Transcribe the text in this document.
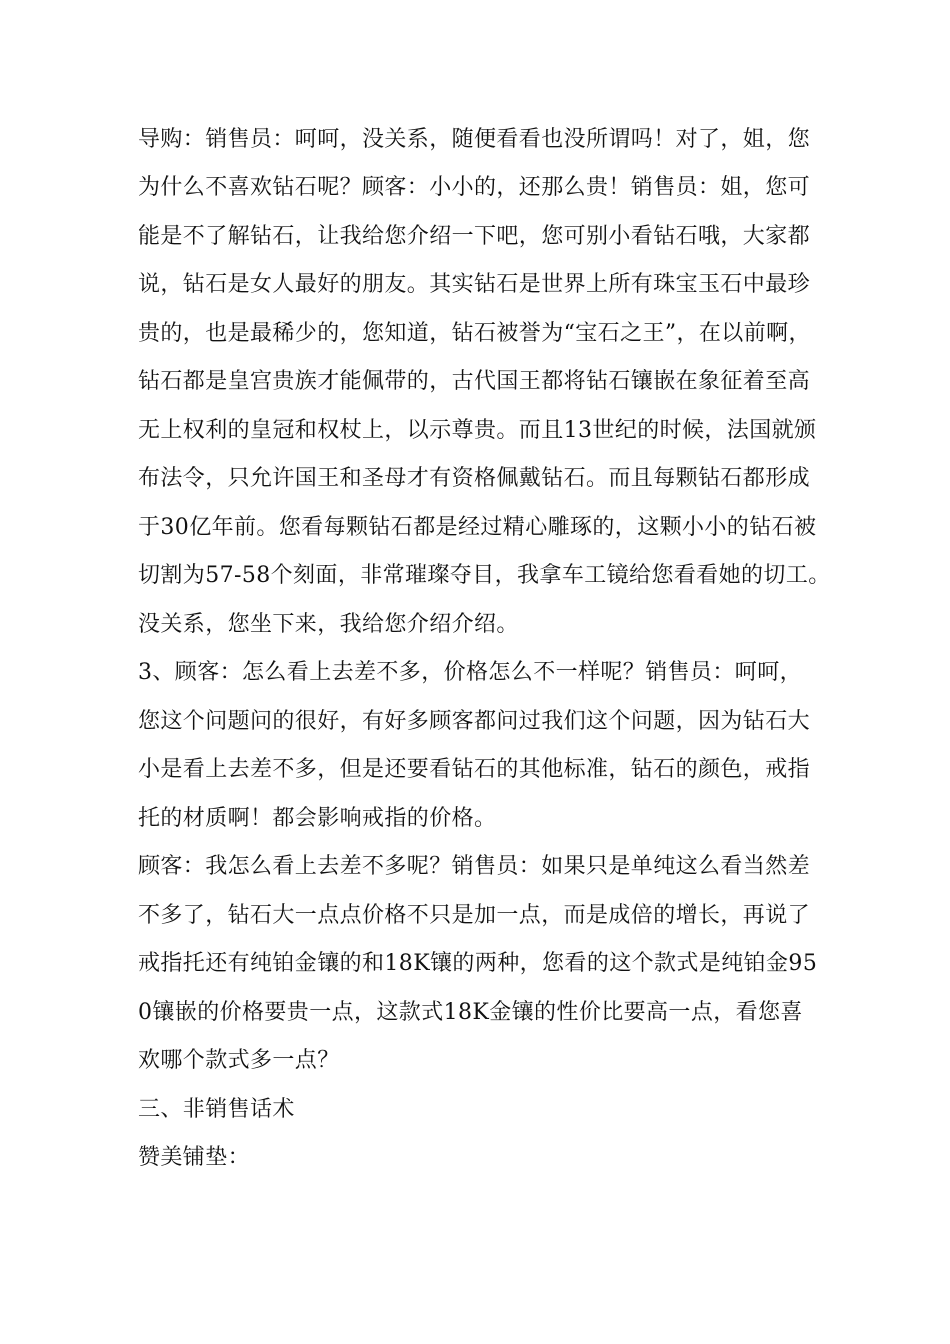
导购：销售员：呵呵，没关系，随便看看也没所谓吗！对了，姐，您
为什么不喜欢钻石呢？顾客：小小的，还那么贵！销售员：姐，您可
能是不了解钻石，让我给您介绍一下吧，您可别小看钻石哦，大家都
说，钻石是女人最好的朋友。其实钻石是世界上所有珠宝玉石中最珍
贵的，也是最稀少的，您知道，钻石被誉为“宝石之王”，在以前啊，
钻石都是皇宫贵族才能佩带的，古代国王都将钻石镶嵌在象征着至高
无上权利的皇冠和权杖上，以示尊贵。而且13世纪的时候，法国就颁
布法令，只允许国王和圣母才有资格佩戴钻石。而且每颗钻石都形成
于30亿年前。您看每颗钻石都是经过精心雕琢的，这颗小小的钻石被
切割为57-58个刻面，非常璀璨夺目，我拿车工镜给您看看她的切工。
没关系，您坐下来，我给您介绍介绍。
3、顾客：怎么看上去差不多，价格怎么不一样呢？销售员：呵呵，
您这个问题问的很好，有好多顾客都问过我们这个问题，因为钻石大
小是看上去差不多，但是还要看钻石的其他标准，钻石的颜色，戒指
托的材质啊！都会影响戒指的价格。
顾客：我怎么看上去差不多呢？销售员：如果只是单纯这么看当然差
不多了，钻石大一点点价格不只是加一点，而是成倍的增长，再说了
戒指托还有纯铂金镶的和18K镶的两种，您看的这个款式是纯铂金95
0镶嵌的价格要贵一点，这款式18K金镶的性价比要高一点，看您喜
欢哪个款式多一点？
三、非销售话术
赞美铺垫：
